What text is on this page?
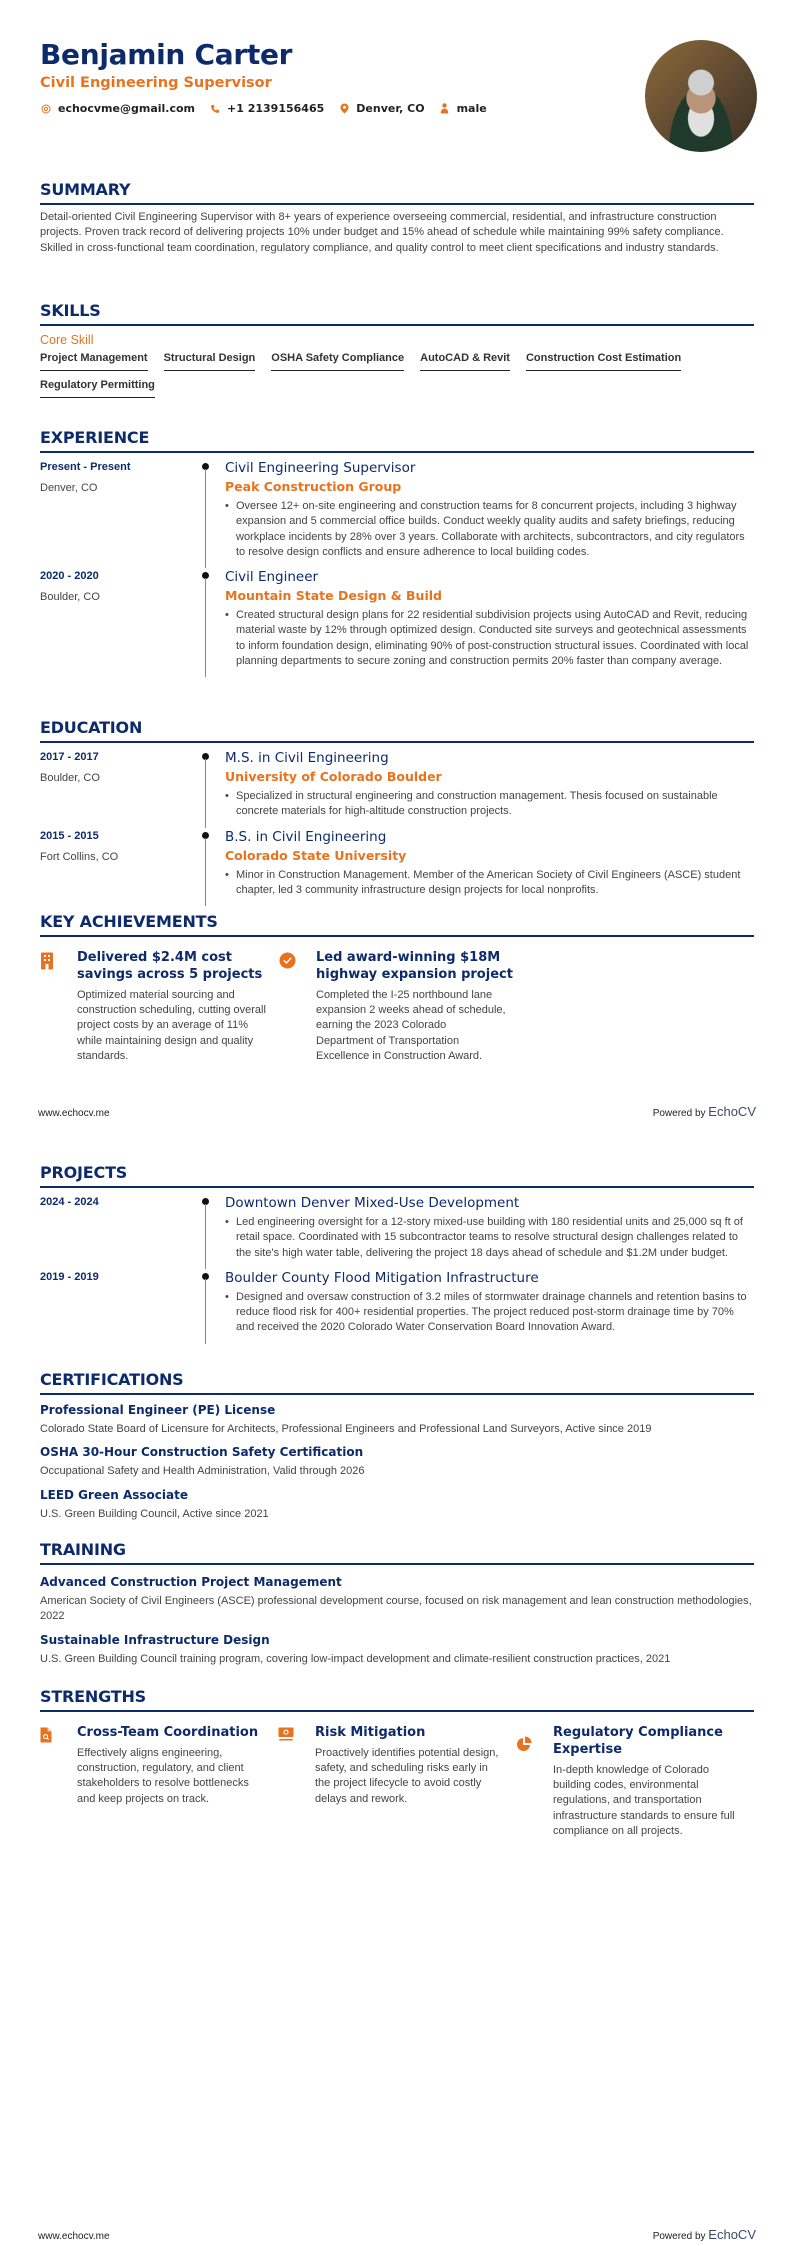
Benjamin Carter
Civil Engineering Supervisor
echocvme@gmail.com	+1 2139156465	Denver, CO	male
SUMMARY
Detail-oriented Civil Engineering Supervisor with 8+ years of experience overseeing commercial, residential, and infrastructure construction projects. Proven track record of delivering projects 10% under budget and 15% ahead of schedule while maintaining 99% safety compliance. Skilled in cross-functional team coordination, regulatory compliance, and quality control to meet client specifications and industry standards.
SKILLS
Core Skill
Project Management Structural Design OSHA Safety Compliance AutoCAD & Revit Construction Cost Estimation
Regulatory Permitting
EXPERIENCE
Present - Present
Denver, CO
Civil Engineering Supervisor
Peak Construction Group
• Oversee 12+ on-site engineering and construction teams for 8 concurrent projects, including 3 highway expansion and 5 commercial office builds. Conduct weekly quality audits and safety briefings, reducing workplace incidents by 28% over 3 years. Collaborate with architects, subcontractors, and city regulators to resolve design conflicts and ensure adherence to local building codes.
2020 - 2020
Boulder, CO
Civil Engineer
Mountain State Design & Build
• Created structural design plans for 22 residential subdivision projects using AutoCAD and Revit, reducing material waste by 12% through optimized design. Conducted site surveys and geotechnical assessments to inform foundation design, eliminating 90% of post-construction structural issues. Coordinated with local planning departments to secure zoning and construction permits 20% faster than company average.
EDUCATION
2017 - 2017
Boulder, CO
M.S. in Civil Engineering
University of Colorado Boulder
• Specialized in structural engineering and construction management. Thesis focused on sustainable concrete materials for high-altitude construction projects.
2015 - 2015
Fort Collins, CO
B.S. in Civil Engineering
Colorado State University
• Minor in Construction Management. Member of the American Society of Civil Engineers (ASCE) student chapter, led 3 community infrastructure design projects for local nonprofits.
KEY ACHIEVEMENTS
Delivered $2.4M cost savings across 5 projects
Optimized material sourcing and construction scheduling, cutting overall project costs by an average of 11% while maintaining design and quality standards.
Led award-winning $18M highway expansion project
Completed the I-25 northbound lane expansion 2 weeks ahead of schedule, earning the 2023 Colorado Department of Transportation Excellence in Construction Award.
www.echocv.me	Powered by EchoCV
PROJECTS
2024 - 2024	Downtown Denver Mixed-Use Development
• Led engineering oversight for a 12-story mixed-use building with 180 residential units and 25,000 sq ft of retail space. Coordinated with 15 subcontractor teams to resolve structural design challenges related to the site's high water table, delivering the project 18 days ahead of schedule and $1.2M under budget.
2019 - 2019	Boulder County Flood Mitigation Infrastructure
• Designed and oversaw construction of 3.2 miles of stormwater drainage channels and retention basins to reduce flood risk for 400+ residential properties. The project reduced post-storm drainage time by 70% and received the 2020 Colorado Water Conservation Board Innovation Award.
CERTIFICATIONS
Professional Engineer (PE) License
Colorado State Board of Licensure for Architects, Professional Engineers and Professional Land Surveyors, Active since 2019
OSHA 30-Hour Construction Safety Certification
Occupational Safety and Health Administration, Valid through 2026
LEED Green Associate
U.S. Green Building Council, Active since 2021
TRAINING
Advanced Construction Project Management
American Society of Civil Engineers (ASCE) professional development course, focused on risk management and lean construction methodologies, 2022
Sustainable Infrastructure Design
U.S. Green Building Council training program, covering low-impact development and climate-resilient construction practices, 2021
STRENGTHS
Cross-Team Coordination
Effectively aligns engineering, construction, regulatory, and client stakeholders to resolve bottlenecks and keep projects on track.
Risk Mitigation
Proactively identifies potential design, safety, and scheduling risks early in the project lifecycle to avoid costly delays and rework.
Regulatory Compliance Expertise
In-depth knowledge of Colorado building codes, environmental regulations, and transportation infrastructure standards to ensure full compliance on all projects.
www.echocv.me	Powered by EchoCV
